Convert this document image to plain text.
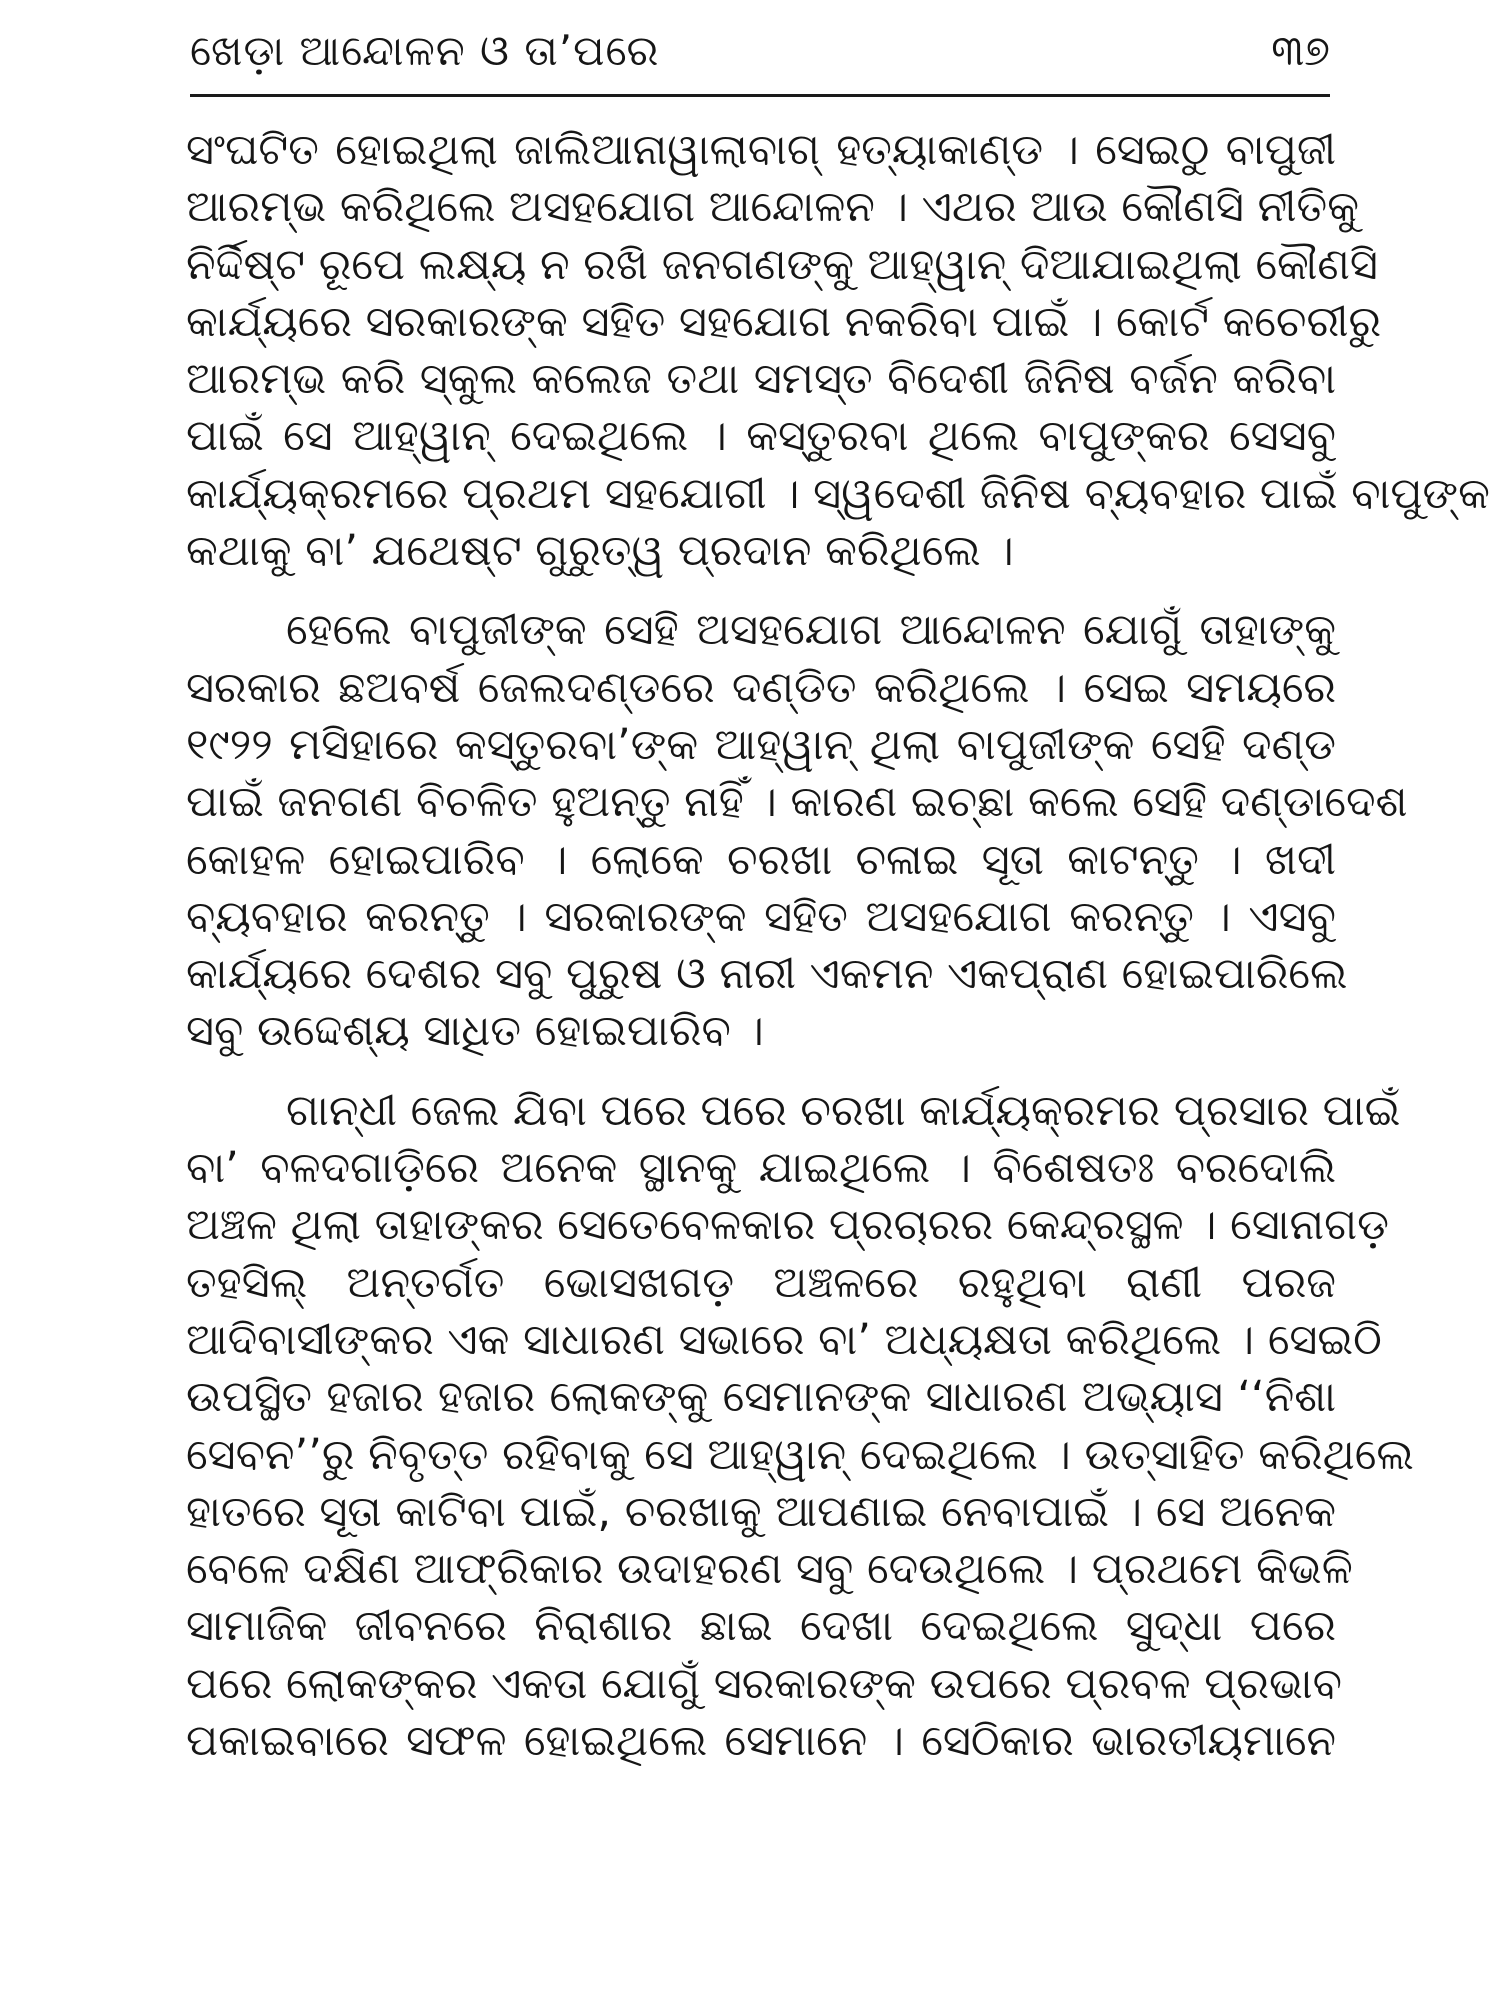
ଖେଡ଼ା ଆନ୍ଦୋଳନ ଓ ତା’ପରେ	୩୭
ସଂଘଟିତ ହୋଇଥିଲା ଜାଲିଆନାୱାଲାବାଗ୍ ହତ୍ୟାକାଣ୍ଡ । ସେଇଠୁ ବାପୁଜୀ
ଆରମ୍ଭ କରିଥିଲେ ଅସହଯୋଗ ଆନ୍ଦୋଳନ । ଏଥର ଆଉ କୌଣସି ନୀତିକୁ
ନିର୍ଦ୍ଦିଷ୍ଟ ରୂପେ ଲକ୍ଷ୍ୟ ନ ରଖି ଜନଗଣଙ୍କୁ ଆହ୍ୱାନ୍ ଦିଆଯାଇଥିଲା କୌଣସି
କାର୍ଯ୍ୟରେ ସରକାରଙ୍କ ସହିତ ସହଯୋଗ ନକରିବା ପାଇଁ । କୋର୍ଟ କଚେରୀରୁ
ଆରମ୍ଭ କରି ସ୍କୁଲ କଲେଜ ତଥା ସମସ୍ତ ବିଦେଶୀ ଜିନିଷ ବର୍ଜନ କରିବା
ପାଇଁ ସେ ଆହ୍ୱାନ୍ ଦେଇଥିଲେ । କସ୍ତୁରବା ଥିଲେ ବାପୁଙ୍କର ସେସବୁ
କାର୍ଯ୍ୟକ୍ରମରେ ପ୍ରଥମ ସହଯୋଗୀ । ସ୍ୱଦେଶୀ ଜିନିଷ ବ୍ୟବହାର ପାଇଁ ବାପୁଙ୍କ
କଥାକୁ ବା’ ଯଥେଷ୍ଟ ଗୁରୁତ୍ୱ ପ୍ରଦାନ କରିଥିଲେ ।
ହେଲେ ବାପୁଜୀଙ୍କ ସେହି ଅସହଯୋଗ ଆନ୍ଦୋଳନ ଯୋଗୁଁ ତାହାଙ୍କୁ
ସରକାର ଛଅବର୍ଷ ଜେଲଦଣ୍ଡରେ ଦଣ୍ଡିତ କରିଥିଲେ । ସେଇ ସମୟରେ
୧୯୨୨ ମସିହାରେ କସ୍ତୁରବା’ଙ୍କ ଆହ୍ୱାନ୍ ଥିଲା ବାପୁଜୀଙ୍କ ସେହି ଦଣ୍ଡ
ପାଇଁ ଜନଗଣ ବିଚଳିତ ହୁଅନ୍ତୁ ନାହିଁ । କାରଣ ଇଚ୍ଛା କଲେ ସେହି ଦଣ୍ଡାଦେଶ
କୋହଳ ହୋଇପାରିବ । ଲୋକେ ଚରଖା ଚଳାଇ ସୂତା କାଟନ୍ତୁ । ଖଦୀ
ବ୍ୟବହାର କରନ୍ତୁ । ସରକାରଙ୍କ ସହିତ ଅସହଯୋଗ କରନ୍ତୁ । ଏସବୁ
କାର୍ଯ୍ୟରେ ଦେଶର ସବୁ ପୁରୁଷ ଓ ନାରୀ ଏକମନ ଏକପ୍ରାଣ ହୋଇପାରିଲେ
ସବୁ ଉଦ୍ଦେଶ୍ୟ ସାଧିତ ହୋଇପାରିବ ।
ଗାନ୍ଧୀ ଜେଲ ଯିବା ପରେ ପରେ ଚରଖା କାର୍ଯ୍ୟକ୍ରମର ପ୍ରସାର ପାଇଁ
ବା’ ବଳଦଗାଡ଼ିରେ ଅନେକ ସ୍ଥାନକୁ ଯାଇଥିଲେ । ବିଶେଷତଃ ବରଦୋଲି
ଅଞ୍ଚଳ ଥିଲା ତାହାଙ୍କର ସେତେବେଳକାର ପ୍ରଚାରର କେନ୍ଦ୍ରସ୍ଥଳ । ସୋନାଗଡ଼
ତହସିଲ୍ ଅନ୍ତର୍ଗତ ଭୋସଖଗଡ଼ ଅଞ୍ଚଳରେ ରହୁଥିବା ରାଣୀ ପରଜ
ଆଦିବାସୀଙ୍କର ଏକ ସାଧାରଣ ସଭାରେ ବା’ ଅଧ୍ୟକ୍ଷତା କରିଥିଲେ । ସେଇଠି
ଉପସ୍ଥିତ ହଜାର ହଜାର ଲୋକଙ୍କୁ ସେମାନଙ୍କ ସାଧାରଣ ଅଭ୍ୟାସ ‘‘ନିଶା
ସେବନ’’ରୁ ନିବୃତ୍ତ ରହିବାକୁ ସେ ଆହ୍ୱାନ୍ ଦେଇଥିଲେ । ଉତ୍ସାହିତ କରିଥିଲେ
ହାତରେ ସୂତା କାଟିବା ପାଇଁ, ଚରଖାକୁ ଆପଣାଇ ନେବାପାଇଁ । ସେ ଅନେକ
ବେଳେ ଦକ୍ଷିଣ ଆଫ୍ରିକାର ଉଦାହରଣ ସବୁ ଦେଉଥିଲେ । ପ୍ରଥମେ କିଭଳି
ସାମାଜିକ ଜୀବନରେ ନିରାଶାର ଛାଇ ଦେଖା ଦେଇଥିଲେ ସୁଦ୍ଧା ପରେ
ପରେ ଲୋକଙ୍କର ଏକତା ଯୋଗୁଁ ସରକାରଙ୍କ ଉପରେ ପ୍ରବଳ ପ୍ରଭାବ
ପକାଇବାରେ ସଫଳ ହୋଇଥିଲେ ସେମାନେ । ସେଠିକାର ଭାରତୀୟମାନେ
